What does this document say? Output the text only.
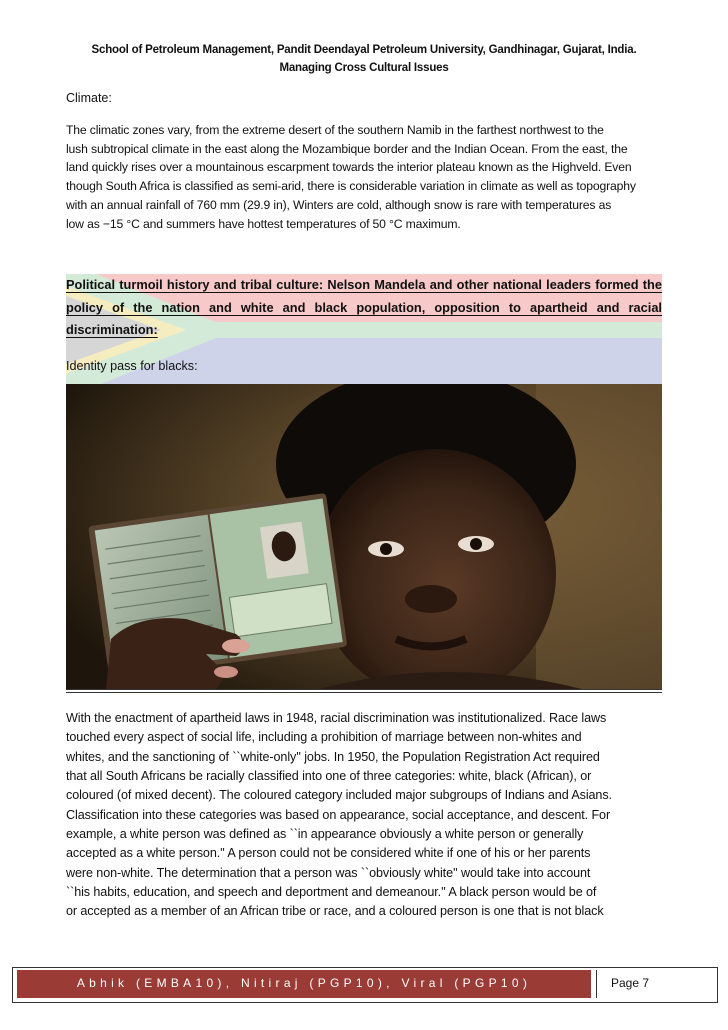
School of Petroleum Management, Pandit Deendayal Petroleum University, Gandhinagar, Gujarat, India.
Managing Cross Cultural Issues
Climate:
The climatic zones vary, from the extreme desert of the southern Namib in the farthest northwest to the
lush subtropical climate in the east along the Mozambique border and the Indian Ocean. From the east, the
land quickly rises over a mountainous escarpment towards the interior plateau known as the Highveld. Even
though South Africa is classified as semi-arid, there is considerable variation in climate as well as topography
with an annual rainfall of 760 mm (29.9 in), Winters are cold, although snow is rare with temperatures as
low as −15 °C and summers have hottest temperatures of 50 °C maximum.
Political turmoil history and tribal culture: Nelson Mandela and other national leaders formed the
policy of the nation and white and black population, opposition to apartheid and racial
discrimination:
Identity pass for blacks:
With the enactment of apartheid laws in 1948, racial discrimination was institutionalized. Race laws
touched every aspect of social life, including a prohibition of marriage between non-whites and
whites, and the sanctioning of ``white-only'' jobs. In 1950, the Population Registration Act required
that all South Africans be racially classified into one of three categories: white, black (African), or
coloured (of mixed decent). The coloured category included major subgroups of Indians and Asians.
Classification into these categories was based on appearance, social acceptance, and descent. For
example, a white person was defined as ``in appearance obviously a white person or generally
accepted as a white person.'' A person could not be considered white if one of his or her parents
were non-white. The determination that a person was ``obviously white'' would take into account
``his habits, education, and speech and deportment and demeanour.'' A black person would be of
or accepted as a member of an African tribe or race, and a coloured person is one that is not black
Abhik (EMBA10), Nitiraj (PGP10), Viral (PGP10)	Page 7
